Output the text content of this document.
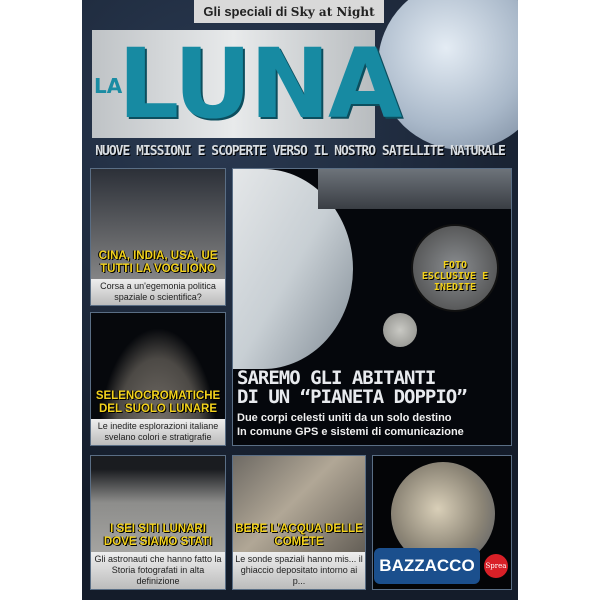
Gli speciali di Sky at Night
LA
LUNA
NUOVE MISSIONI E SCOPERTE VERSO IL NOSTRO SATELLITE NATURALE
CINA, INDIA, USA, UE TUTTI LA VOGLIONO
Corsa a un'egemonia politica spaziale o scientifica?
SELENOCROMATICHE DEL SUOLO LUNARE
Le inedite esplorazioni italiane svelano colori e stratigrafie
I SEI SITI LUNARI DOVE SIAMO STATI
Gli astronauti che hanno fatto la Storia fotografati in alta definizione
FOTO ESCLUSIVE E INEDITE
SAREMO GLI ABITANTI
DI UN “PIANETA DOPPIO”
Due corpi celesti uniti da un solo destino
In comune GPS e sistemi di comunicazione
BERE L'ACQUA DELLE COMETE
Le sonde spaziali hanno mis... il ghiaccio depositato intorno ai p...
BAZZACCO	Sprea
